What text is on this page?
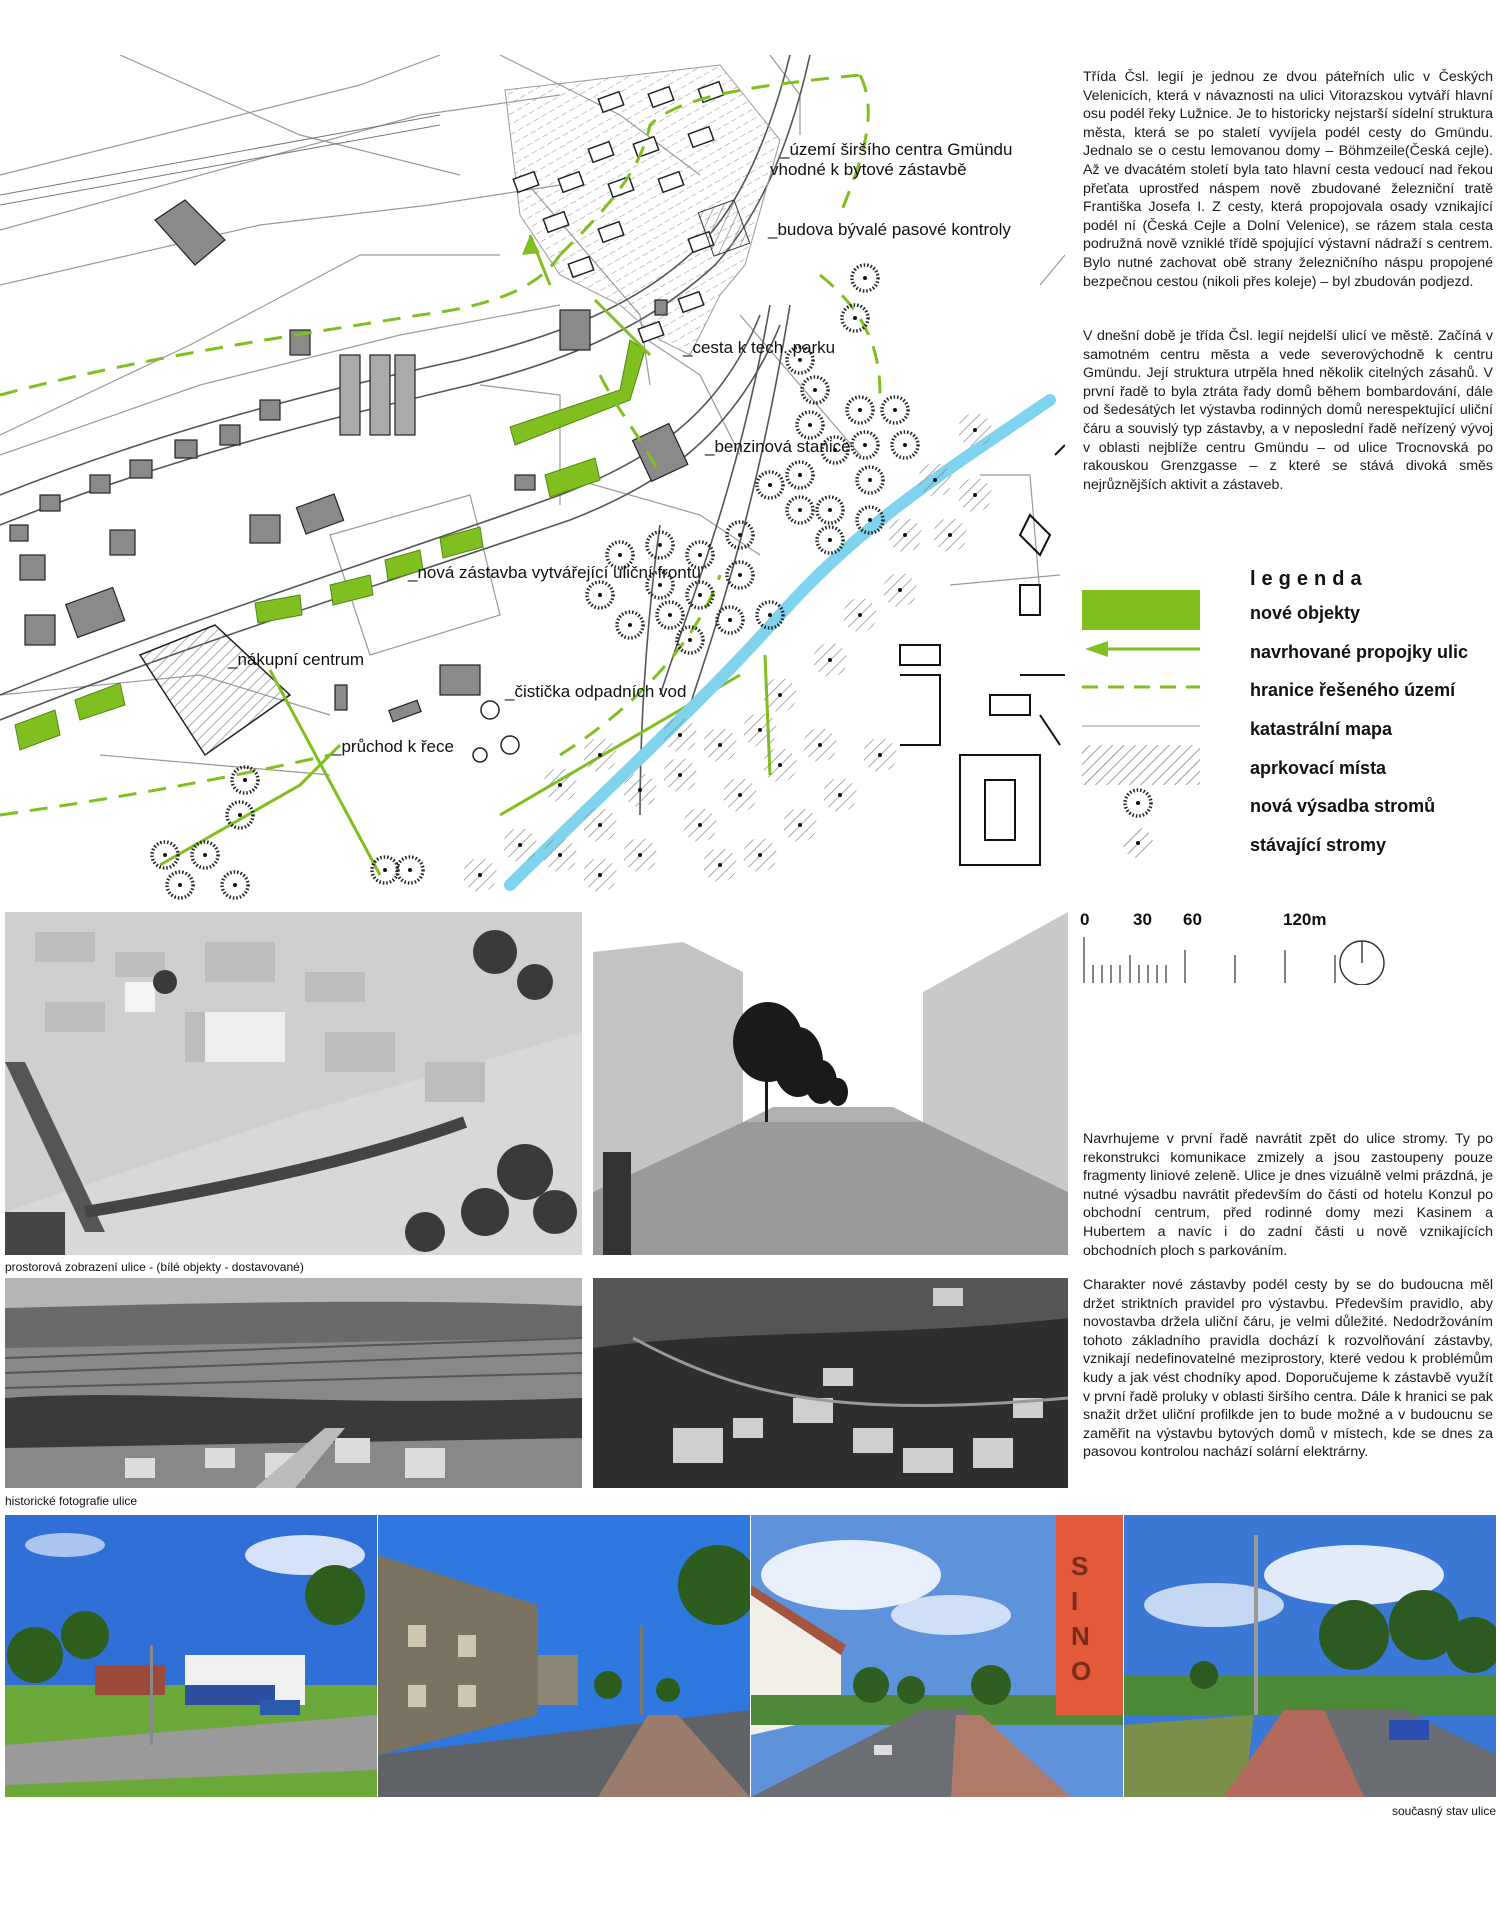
_území širšího centra Gmündu
vhodné k bytové zástavbě
_budova bývalé pasové kontroly
_cesta k tech. parku
_benzinová stanice
_nová zástavba vytvářející uliční frontu
_nákupní centrum
_čistička odpadních vod
_průchod k řece
Třída Čsl. legií je jednou ze dvou páteřních ulic v Českých Velenicích, která v návaznosti na ulici Vitorazskou vytváří hlavní osu podél řeky Lužnice. Je to historicky nejstarší sídelní struktura města, která se po staletí vyvíjela podél cesty do Gmündu. Jednalo se o cestu lemovanou domy – Böhmzeile(Česká cejle). Až ve dvacátém století byla tato hlavní cesta vedoucí nad řekou přeťata uprostřed náspem nově zbudované železniční tratě Františka Josefa I. Z cesty, která propojovala osady vznikající podél ní (Česká Cejle a Dolní Velenice), se rázem stala cesta podružná nově vzniklé třídě spojující výstavní nádraží s centrem. Bylo nutné zachovat obě strany železničního náspu propojené bezpečnou cestou (nikoli přes koleje) – byl zbudován podjezd.
V dnešní době je třída Čsl. legií nejdelší ulicí ve městě. Začíná v samotném centru města a vede severovýchodně k centru Gmündu. Její struktura utrpěla hned několik citelných zásahů. V první řadě to byla ztráta řady domů během bombardování, dále od šedesátých let výstavba rodinných domů nerespektující uliční čáru a souvislý typ zástavby, a v neposlední řadě neřízený vývoj v oblasti nejblíže centru Gmündu – od ulice Trocnovská po rakouskou Grenzgasse – z které se stává divoká směs nejrůznějších aktivit a zástaveb.
legenda
nové objekty
navrhované propojky ulic
hranice řešeného území
katastrální mapa
aprkovací místa
nová výsadba stromů
stávající stromy
0	30 60	120m
prostorová zobrazení ulice - (bílé objekty - dostavované)
Navrhujeme v první řadě navrátit zpět do ulice stromy. Ty po rekonstrukci komunikace zmizely a jsou zastoupeny pouze fragmenty liniové zeleně. Ulice je dnes vizuálně velmi prázdná, je nutné výsadbu navrátit především do části od hotelu Konzul po obchodní centrum, před rodinné domy mezi Kasinem a Hubertem a navíc i do zadní části u nově vznikajících obchodních ploch s parkováním.
Charakter nové zástavby podél cesty by se do budoucna měl držet striktních pravidel pro výstavbu. Především pravidlo, aby novostavba držela uliční čáru, je velmi důležité. Nedodržováním tohoto základního pravidla dochází k rozvolňování zástavby, vznikají nedefinovatelné meziprostory, které vedou k problémům kudy a jak vést chodníky apod. Doporučujeme k zástavbě využít v první řadě proluky v oblasti širšího centra. Dále k hranici se pak snažit držet uliční profilkde jen to bude možné a v budoucnu se zaměřit na výstavbu bytových domů v místech, kde se dnes za pasovou kontrolou nachází solární elektrárny.
historické fotografie ulice
S I N O
současný stav ulice
